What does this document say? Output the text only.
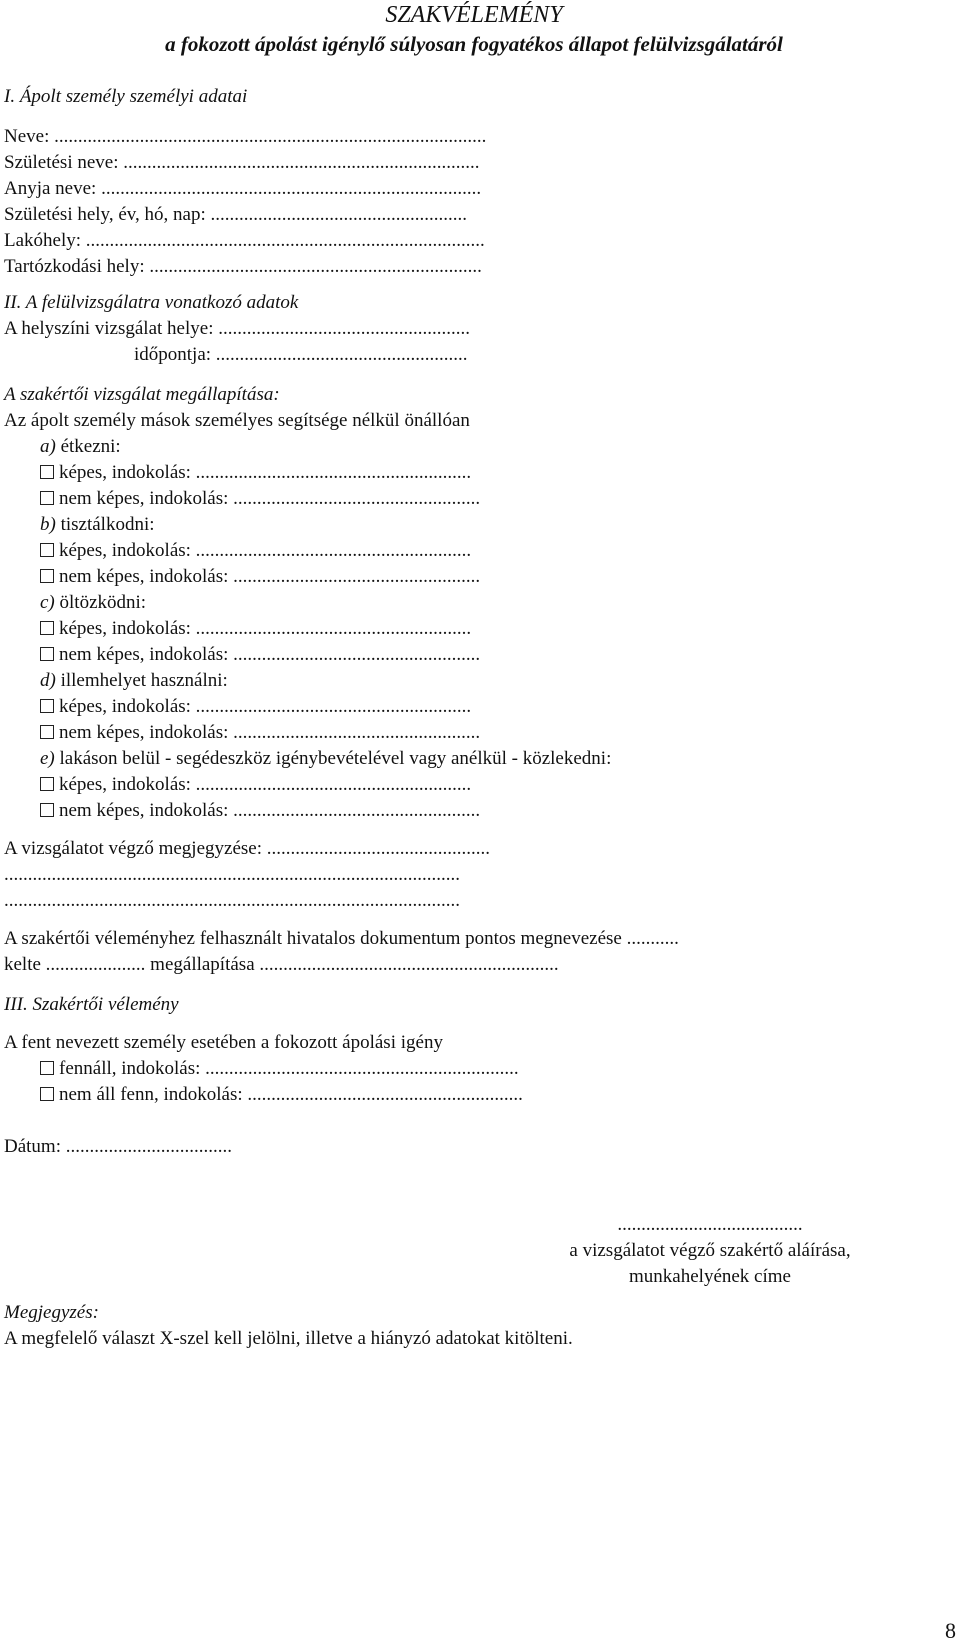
SZAKVÉLEMÉNY
a fokozott ápolást igénylő súlyosan fogyatékos állapot felülvizsgálatáról
I. Ápolt személy személyi adatai
Neve: ...........................................................................................
Születési neve: ...........................................................................
Anyja neve: ................................................................................
Születési hely, év, hó, nap: ......................................................
Lakóhely: ....................................................................................
Tartózkodási hely: ......................................................................
II. A felülvizsgálatra vonatkozó adatok
A helyszíni vizsgálat helye: .....................................................
időpontja: .....................................................
A szakértői vizsgálat megállapítása:
Az ápolt személy mások személyes segítsége nélkül önállóan
a) étkezni:
képes, indokolás: ..........................................................
nem képes, indokolás: ....................................................
b) tisztálkodni:
képes, indokolás: ..........................................................
nem képes, indokolás: ....................................................
c) öltözködni:
képes, indokolás: ..........................................................
nem képes, indokolás: ....................................................
d) illemhelyet használni:
képes, indokolás: ..........................................................
nem képes, indokolás: ....................................................
e) lakáson belül - segédeszköz igénybevételével vagy anélkül - közlekedni:
képes, indokolás: ..........................................................
nem képes, indokolás: ....................................................
A vizsgálatot végző megjegyzése: ...............................................
................................................................................................
................................................................................................
A szakértői véleményhez felhasznált hivatalos dokumentum pontos megnevezése ...........
kelte ..................... megállapítása ...............................................................
III. Szakértői vélemény
A fent nevezett személy esetében a fokozott ápolási igény
fennáll, indokolás: ..................................................................
nem áll fenn, indokolás: ..........................................................
Dátum: ...................................
.......................................
a vizsgálatot végző szakértő aláírása,
munkahelyének címe
Megjegyzés:
A megfelelő választ X-szel kell jelölni, illetve a hiányzó adatokat kitölteni.
8
